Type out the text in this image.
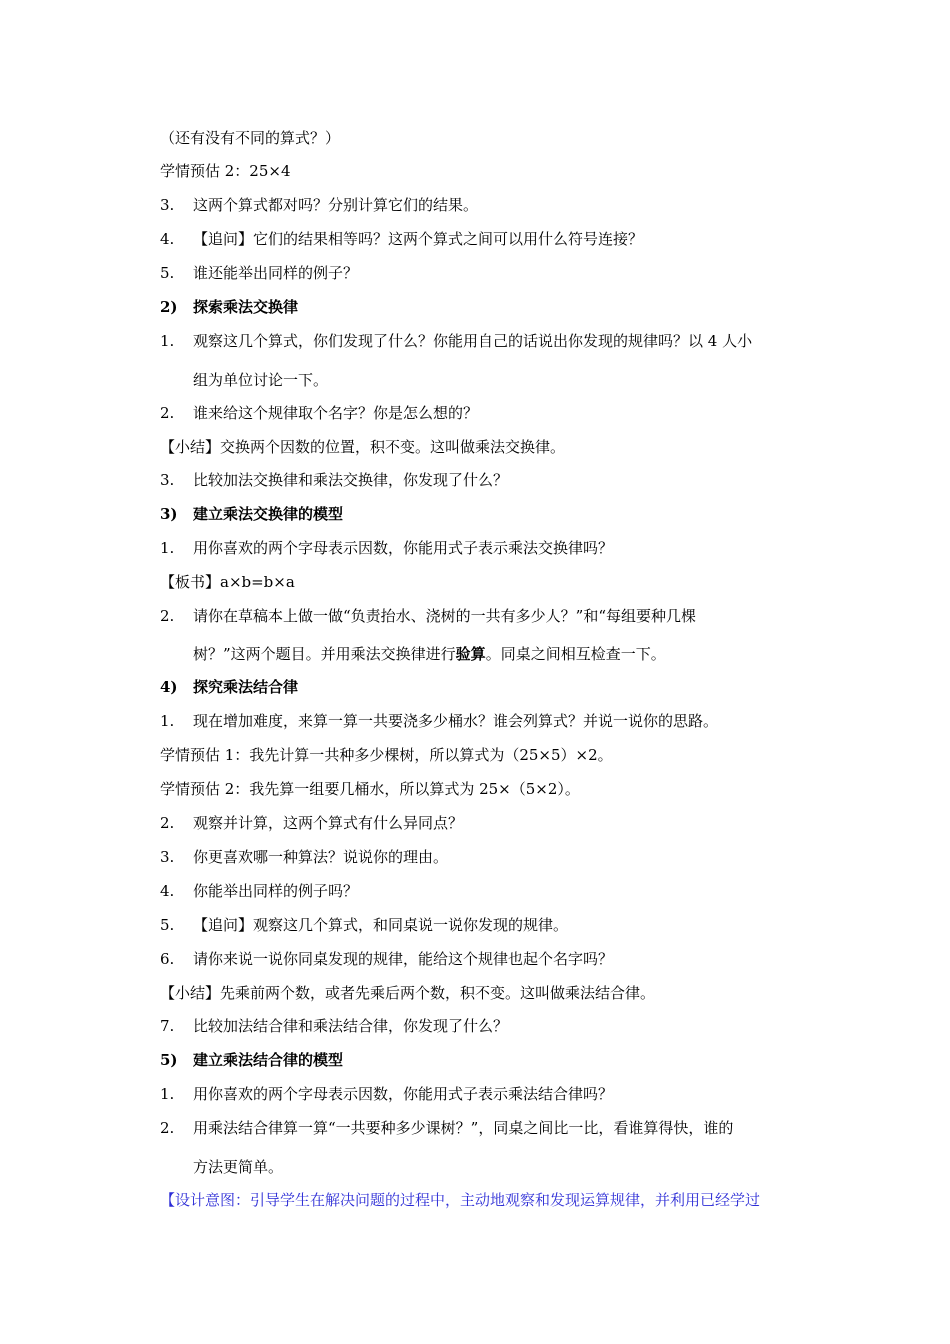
（还有没有不同的算式？）
学情预估 2：25×4
3. 这两个算式都对吗？分别计算它们的结果。
4. 【追问】它们的结果相等吗？这两个算式之间可以用什么符号连接？
5. 谁还能举出同样的例子？
2) 探索乘法交换律
1. 观察这几个算式，你们发现了什么？你能用自己的话说出你发现的规律吗？以 4 人小
组为单位讨论一下。
2. 谁来给这个规律取个名字？你是怎么想的？
【小结】交换两个因数的位置，积不变。这叫做乘法交换律。
3. 比较加法交换律和乘法交换律，你发现了什么？
3) 建立乘法交换律的模型
1. 用你喜欢的两个字母表示因数，你能用式子表示乘法交换律吗？
【板书】a×b=b×a
2. 请你在草稿本上做一做“负责抬水、浇树的一共有多少人？”和“每组要种几棵
树？”这两个题目。并用乘法交换律进行验算。同桌之间相互检查一下。
4) 探究乘法结合律
1. 现在增加难度，来算一算一共要浇多少桶水？谁会列算式？并说一说你的思路。
学情预估 1：我先计算一共种多少棵树，所以算式为（25×5）×2。
学情预估 2：我先算一组要几桶水，所以算式为 25×（5×2）。
2. 观察并计算，这两个算式有什么异同点？
3. 你更喜欢哪一种算法？说说你的理由。
4. 你能举出同样的例子吗？
5. 【追问】观察这几个算式，和同桌说一说你发现的规律。
6. 请你来说一说你同桌发现的规律，能给这个规律也起个名字吗？
【小结】先乘前两个数，或者先乘后两个数，积不变。这叫做乘法结合律。
7. 比较加法结合律和乘法结合律，你发现了什么？
5) 建立乘法结合律的模型
1. 用你喜欢的两个字母表示因数，你能用式子表示乘法结合律吗？
2. 用乘法结合律算一算“一共要种多少课树？”，同桌之间比一比，看谁算得快，谁的
方法更简单。
【设计意图：引导学生在解决问题的过程中，主动地观察和发现运算规律，并利用已经学过
